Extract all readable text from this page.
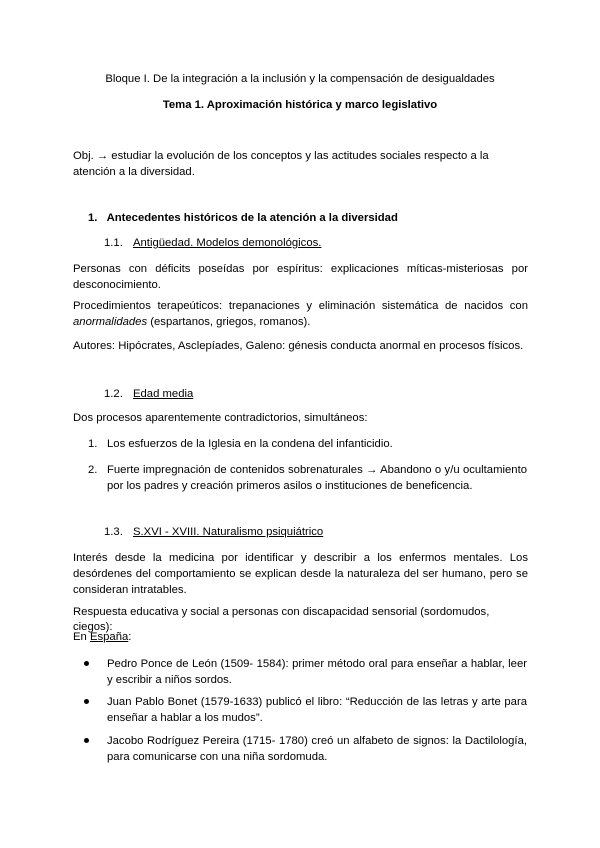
Bloque I. De la integración a la inclusión y la compensación de desigualdades
Tema 1. Aproximación histórica y marco legislativo
Obj. → estudiar la evolución de los conceptos y las actitudes sociales respecto a la atención a la diversidad.
1. Antecedentes históricos de la atención a la diversidad
1.1. Antigüedad. Modelos demonológicos.
Personas con déficits poseídas por espíritus: explicaciones míticas-misteriosas por desconocimiento.
Procedimientos terapeúticos: trepanaciones y eliminación sistemática de nacidos con anormalidades (espartanos, griegos, romanos).
Autores: Hipócrates, Asclepíades, Galeno: génesis conducta anormal en procesos físicos.
1.2. Edad media
Dos procesos aparentemente contradictorios, simultáneos:
1. Los esfuerzos de la Iglesia en la condena del infanticidio.
2. Fuerte impregnación de contenidos sobrenaturales → Abandono o y/u ocultamiento por los padres y creación primeros asilos o instituciones de beneficencia.
1.3. S.XVI - XVIII. Naturalismo psiquiátrico
Interés desde la medicina por identificar y describir a los enfermos mentales. Los desórdenes del comportamiento se explican desde la naturaleza del ser humano, pero se consideran intratables.
Respuesta educativa y social a personas con discapacidad sensorial (sordomudos, ciegos):
En España:
Pedro Ponce de León (1509- 1584): primer método oral para enseñar a hablar, leer y escribir a niños sordos.
Juan Pablo Bonet (1579-1633) publicó el libro: “Reducción de las letras y arte para enseñar a hablar a los mudos”.
Jacobo Rodríguez Pereira (1715- 1780) creó un alfabeto de signos: la Dactilología, para comunicarse con una niña sordomuda.
